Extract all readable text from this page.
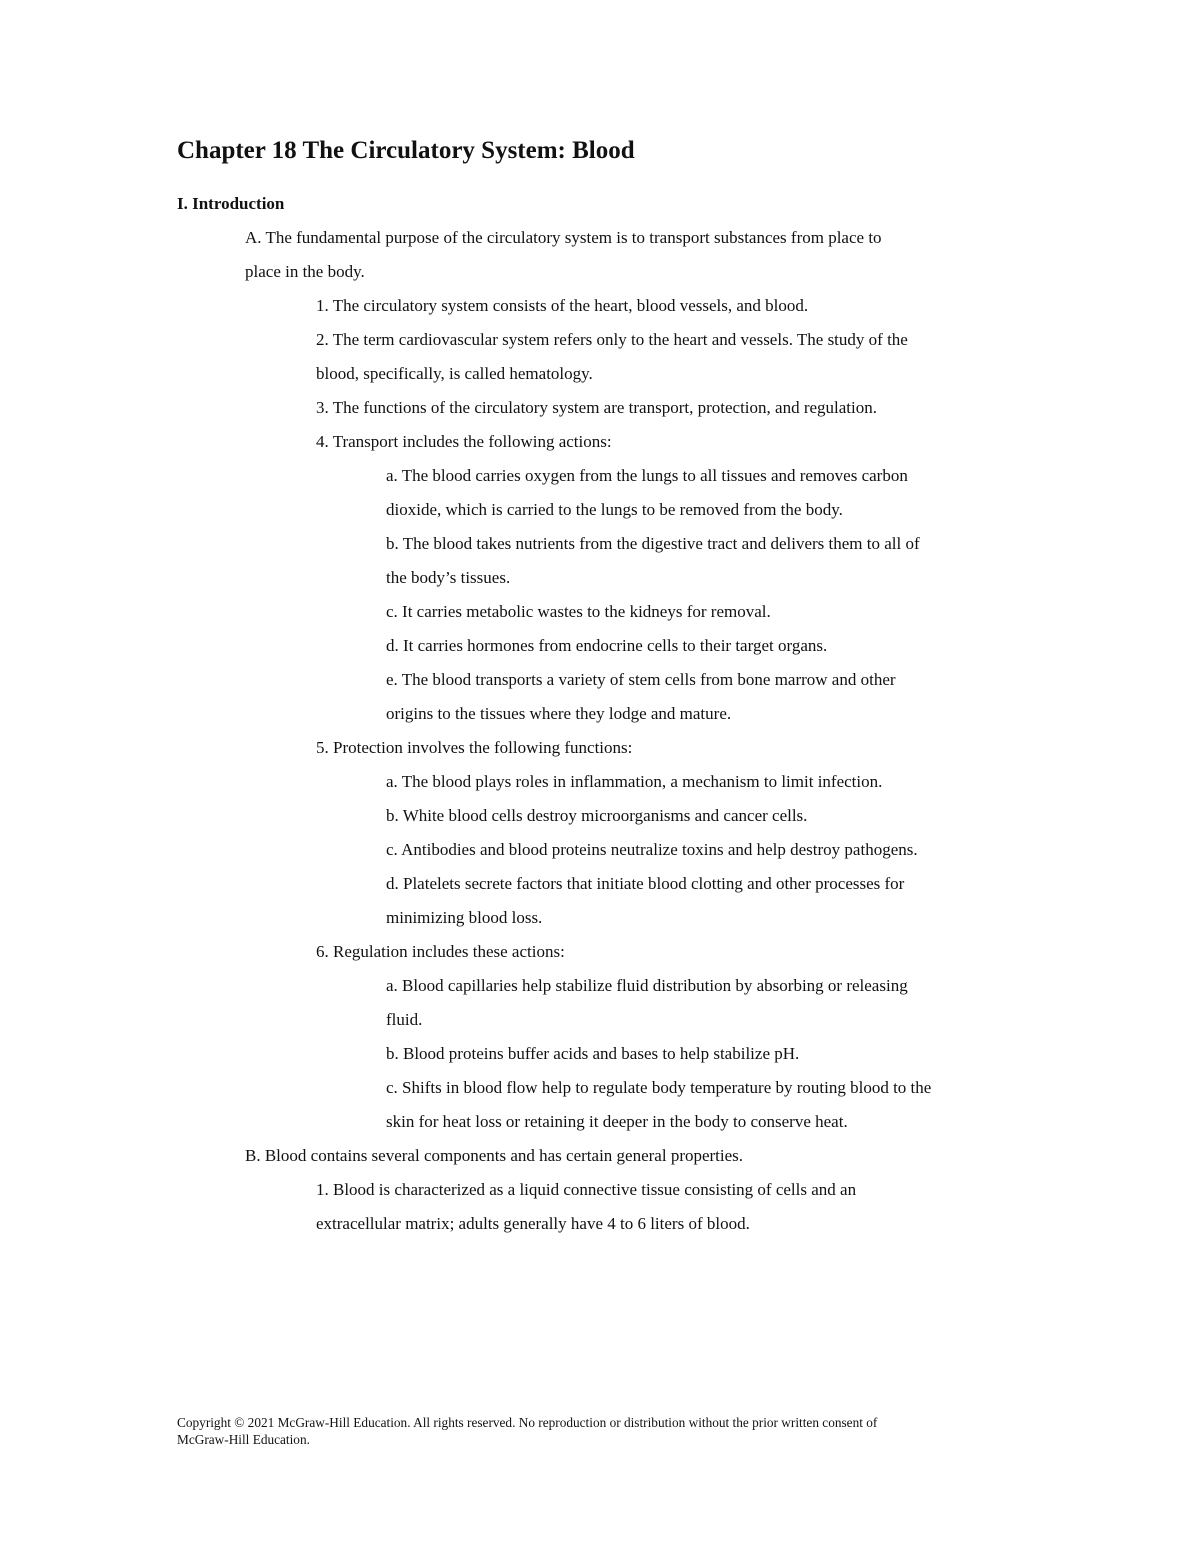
Chapter 18 The Circulatory System: Blood
I. Introduction
A. The fundamental purpose of the circulatory system is to transport substances from place to
place in the body.
1. The circulatory system consists of the heart, blood vessels, and blood.
2. The term cardiovascular system refers only to the heart and vessels. The study of the
blood, specifically, is called hematology.
3. The functions of the circulatory system are transport, protection, and regulation.
4. Transport includes the following actions:
a. The blood carries oxygen from the lungs to all tissues and removes carbon
dioxide, which is carried to the lungs to be removed from the body.
b. The blood takes nutrients from the digestive tract and delivers them to all of
the body’s tissues.
c. It carries metabolic wastes to the kidneys for removal.
d. It carries hormones from endocrine cells to their target organs.
e. The blood transports a variety of stem cells from bone marrow and other
origins to the tissues where they lodge and mature.
5. Protection involves the following functions:
a. The blood plays roles in inflammation, a mechanism to limit infection.
b. White blood cells destroy microorganisms and cancer cells.
c. Antibodies and blood proteins neutralize toxins and help destroy pathogens.
d. Platelets secrete factors that initiate blood clotting and other processes for
minimizing blood loss.
6. Regulation includes these actions:
a. Blood capillaries help stabilize fluid distribution by absorbing or releasing
fluid.
b. Blood proteins buffer acids and bases to help stabilize pH.
c. Shifts in blood flow help to regulate body temperature by routing blood to the
skin for heat loss or retaining it deeper in the body to conserve heat.
B. Blood contains several components and has certain general properties.
1. Blood is characterized as a liquid connective tissue consisting of cells and an
extracellular matrix; adults generally have 4 to 6 liters of blood.

Copyright © 2021 McGraw-Hill Education. All rights reserved. No reproduction or distribution without the prior written consent of
McGraw-Hill Education.
